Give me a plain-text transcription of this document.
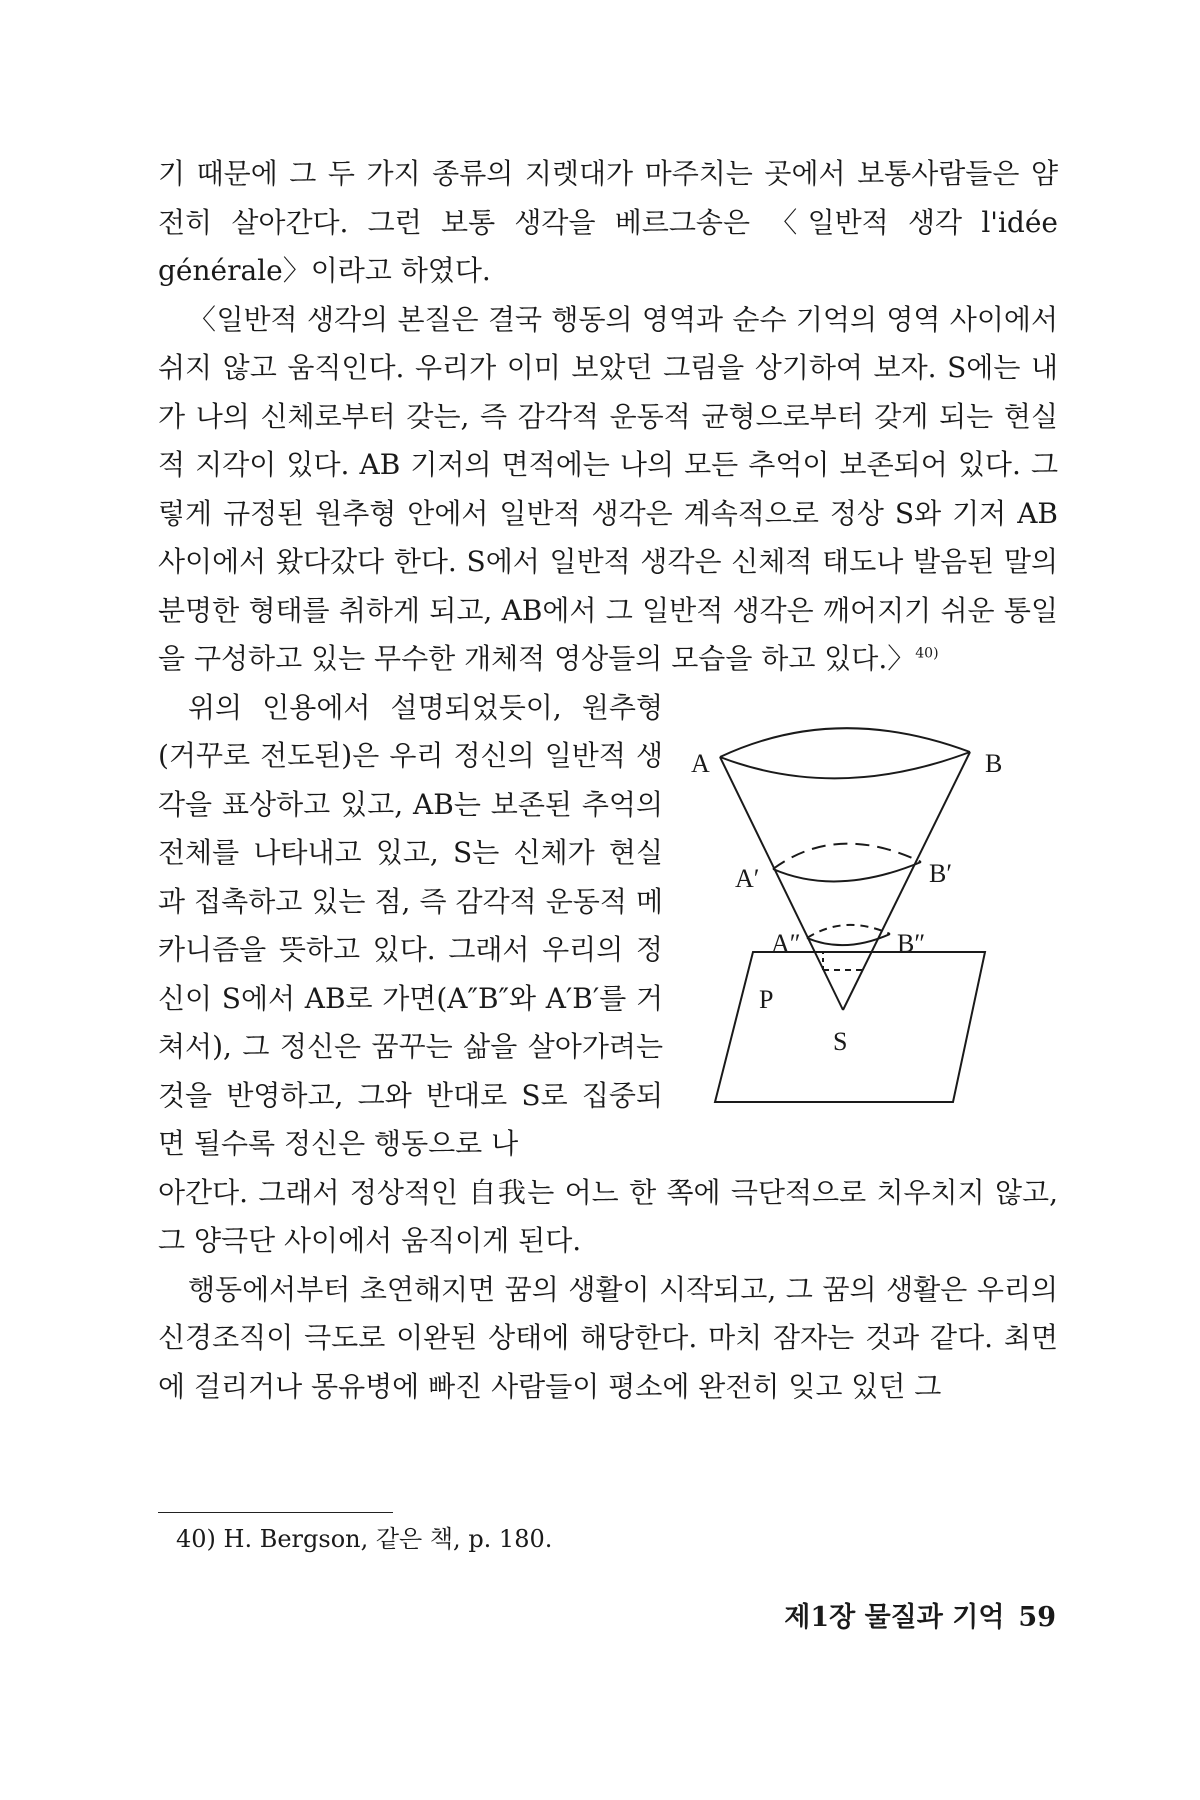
기 때문에 그 두 가지 종류의 지렛대가 마주치는 곳에서 보통사람들은 얌전히 살아간다. 그런 보통 생각을 베르그송은 〈일반적 생각 l'idée générale〉이라고 하였다.

〈일반적 생각의 본질은 결국 행동의 영역과 순수 기억의 영역 사이에서 쉬지 않고 움직인다. 우리가 이미 보았던 그림을 상기하여 보자. S에는 내가 나의 신체로부터 갖는, 즉 감각적 운동적 균형으로부터 갖게 되는 현실적 지각이 있다. AB 기저의 면적에는 나의 모든 추억이 보존되어 있다. 그렇게 규정된 원추형 안에서 일반적 생각은 계속적으로 정상 S와 기저 AB 사이에서 왔다갔다 한다. S에서 일반적 생각은 신체적 태도나 발음된 말의 분명한 형태를 취하게 되고, AB에서 그 일반적 생각은 깨어지기 쉬운 통일을 구성하고 있는 무수한 개체적 영상들의 모습을 하고 있다.〉$^{40)}$

위의 인용에서 설명되었듯이, 원추형(거꾸로 전도된)은 우리 정신의 일반적 생각을 표상하고 있고, AB는 보존된 추억의 전체를 나타내고 있고, S는 신체가 현실과 접촉하고 있는 점, 즉 감각적 운동적 메카니즘을 뜻하고 있다. 그래서 우리의 정신이 S에서 AB로 가면(A″B″와 A′B′를 거쳐서), 그 정신은 꿈꾸는 삶을 살아가려는 것을 반영하고, 그와 반대로 S로 집중되면 될수록 정신은 행동으로 나

A	B
A′	B′
A″	B″
P
S

아간다. 그래서 정상적인 自我는 어느 한 쪽에 극단적으로 치우치지 않고, 그 양극단 사이에서 움직이게 된다.

행동에서부터 초연해지면 꿈의 생활이 시작되고, 그 꿈의 생활은 우리의 신경조직이 극도로 이완된 상태에 해당한다. 마치 잠자는 것과 같다. 최면에 걸리거나 몽유병에 빠진 사람들이 평소에 완전히 잊고 있던 그

40) H. Bergson, 같은 책, p. 180.
제1장 물질과 기억 59
